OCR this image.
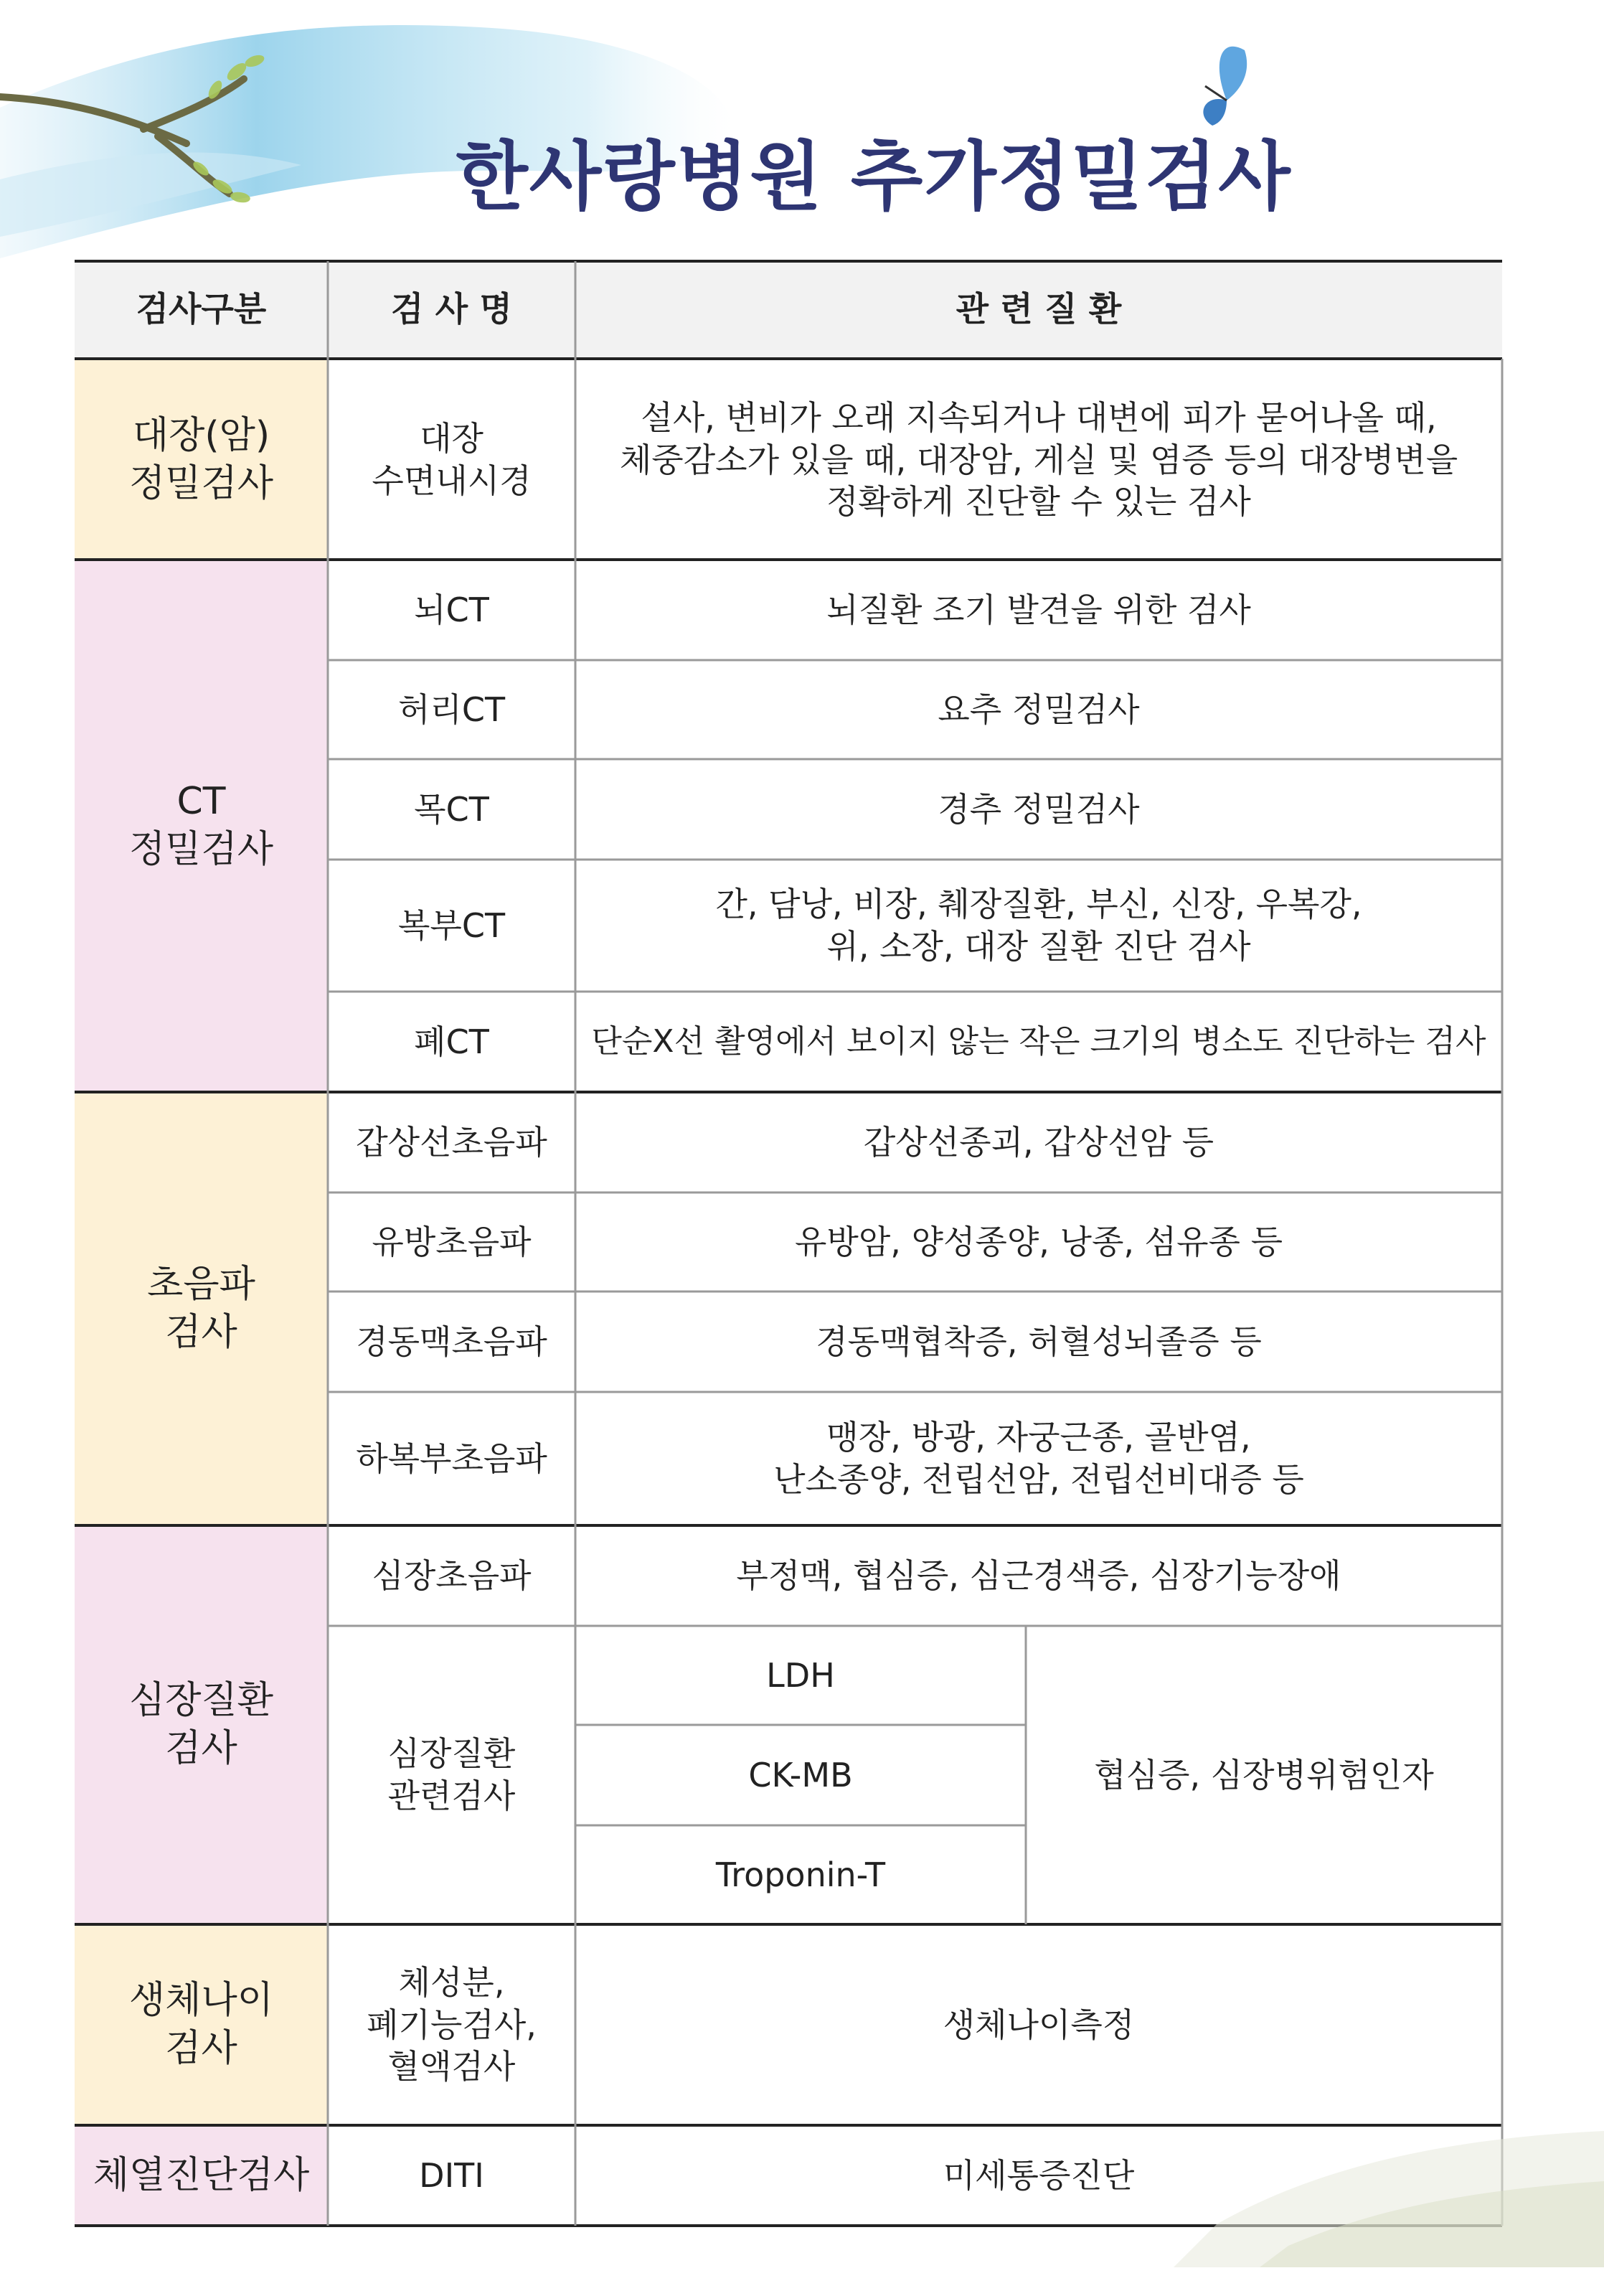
한사랑병원 추가정밀검사
검사구분	검 사 명	관 련 질 환
대장(암)
정밀검사
CT
정밀검사
초음파
검사
심장질환
검사
생체나이
검사
체열진단검사
대장
수면내시경
뇌CT
허리CT
목CT
복부CT
폐CT
갑상선초음파
유방초음파
경동맥초음파
하복부초음파
심장초음파
심장질환
관련검사
체성분,
폐기능검사,
혈액검사
DITI
설사, 변비가 오래 지속되거나 대변에 피가 묻어나올 때,
체중감소가 있을 때, 대장암, 게실 및 염증 등의 대장병변을
정확하게 진단할 수 있는 검사
뇌질환 조기 발견을 위한 검사
요추 정밀검사
경추 정밀검사
간, 담낭, 비장, 췌장질환, 부신, 신장, 우복강,
위, 소장, 대장 질환 진단 검사
단순X선 촬영에서 보이지 않는 작은 크기의 병소도 진단하는 검사
갑상선종괴, 갑상선암 등
유방암, 양성종양, 낭종, 섬유종 등
경동맥협착증, 허혈성뇌졸증 등
맹장, 방광, 자궁근종, 골반염,
난소종양, 전립선암, 전립선비대증 등
부정맥, 협심증, 심근경색증, 심장기능장애
LDH
CK-MB
Troponin-T
협심증, 심장병위험인자
생체나이측정
미세통증진단
